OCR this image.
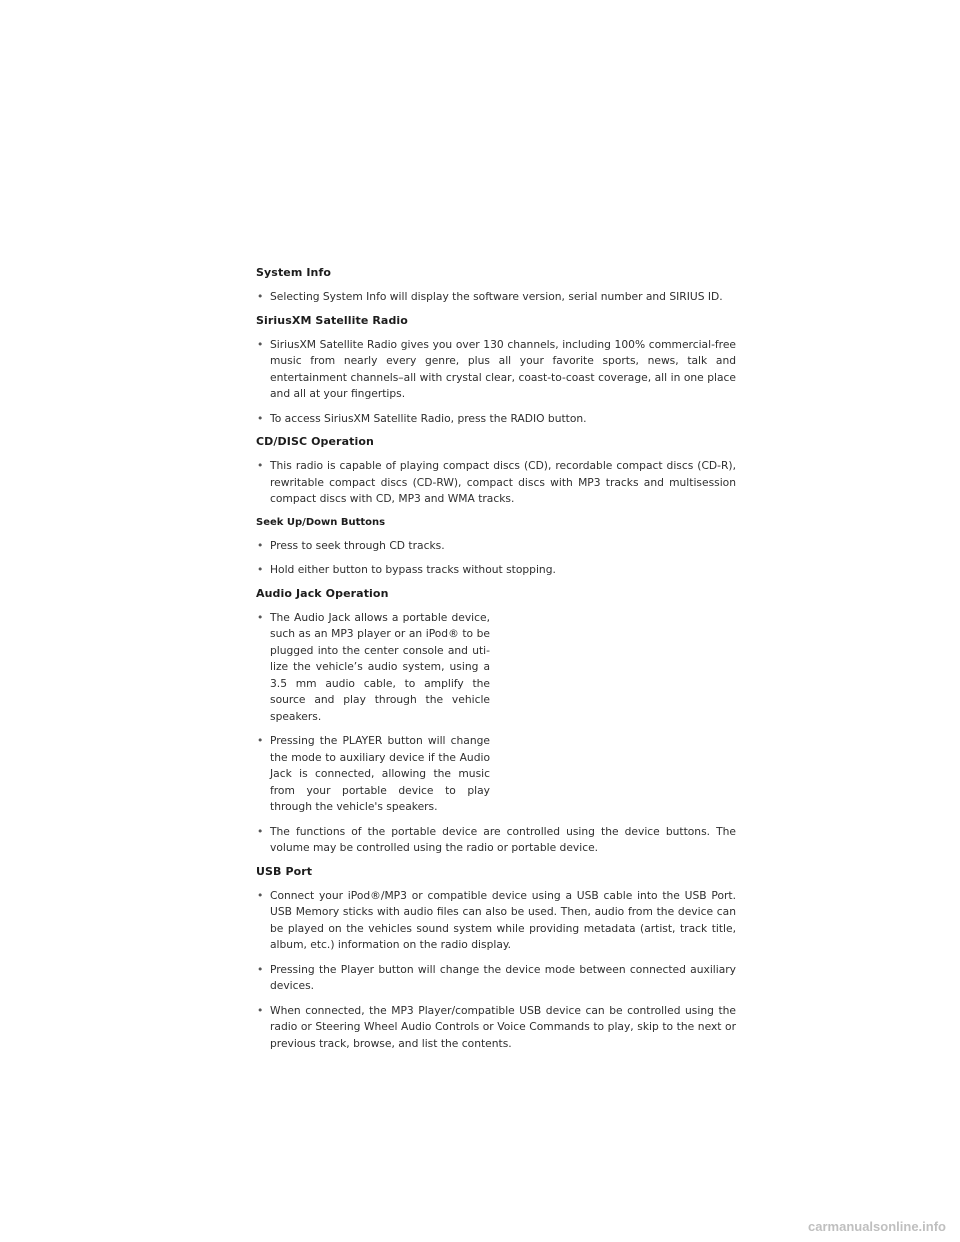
System Info
• Selecting System Info will display the software version, serial number and SIRIUS ID.
SiriusXM Satellite Radio
• SiriusXM Satellite Radio gives you over 130 channels, including 100% commercial-free music from nearly every genre, plus all your favorite sports, news, talk and entertainment channels–all with crystal clear, coast-to-coast coverage, all in one place and all at your fingertips.
• To access SiriusXM Satellite Radio, press the RADIO button.
CD/DISC Operation
• This radio is capable of playing compact discs (CD), recordable compact discs (CD-R), rewritable compact discs (CD-RW), compact discs with MP3 tracks and multisession compact discs with CD, MP3 and WMA tracks.
Seek Up/Down Buttons
• Press to seek through CD tracks.
• Hold either button to bypass tracks without stopping.
Audio Jack Operation
• The Audio Jack allows a portable device, such as an MP3 player or an iPod® to be plugged into the center console and uti-lize the vehicle’s audio system, using a 3.5 mm audio cable, to amplify the source and play through the vehicle speakers.
• Pressing the PLAYER button will change the mode to auxiliary device if the Audio Jack is connected, allowing the music from your portable device to play through the vehicle's speakers.
• The functions of the portable device are controlled using the device buttons. The volume may be controlled using the radio or portable device.
USB Port
• Connect your iPod®/MP3 or compatible device using a USB cable into the USB Port. USB Memory sticks with audio files can also be used. Then, audio from the device can be played on the vehicles sound system while providing metadata (artist, track title, album, etc.) information on the radio display.
• Pressing the Player button will change the device mode between connected auxiliary devices.
• When connected, the MP3 Player/compatible USB device can be controlled using the radio or Steering Wheel Audio Controls or Voice Commands to play, skip to the next or previous track, browse, and list the contents.
carmanualsonline.info
